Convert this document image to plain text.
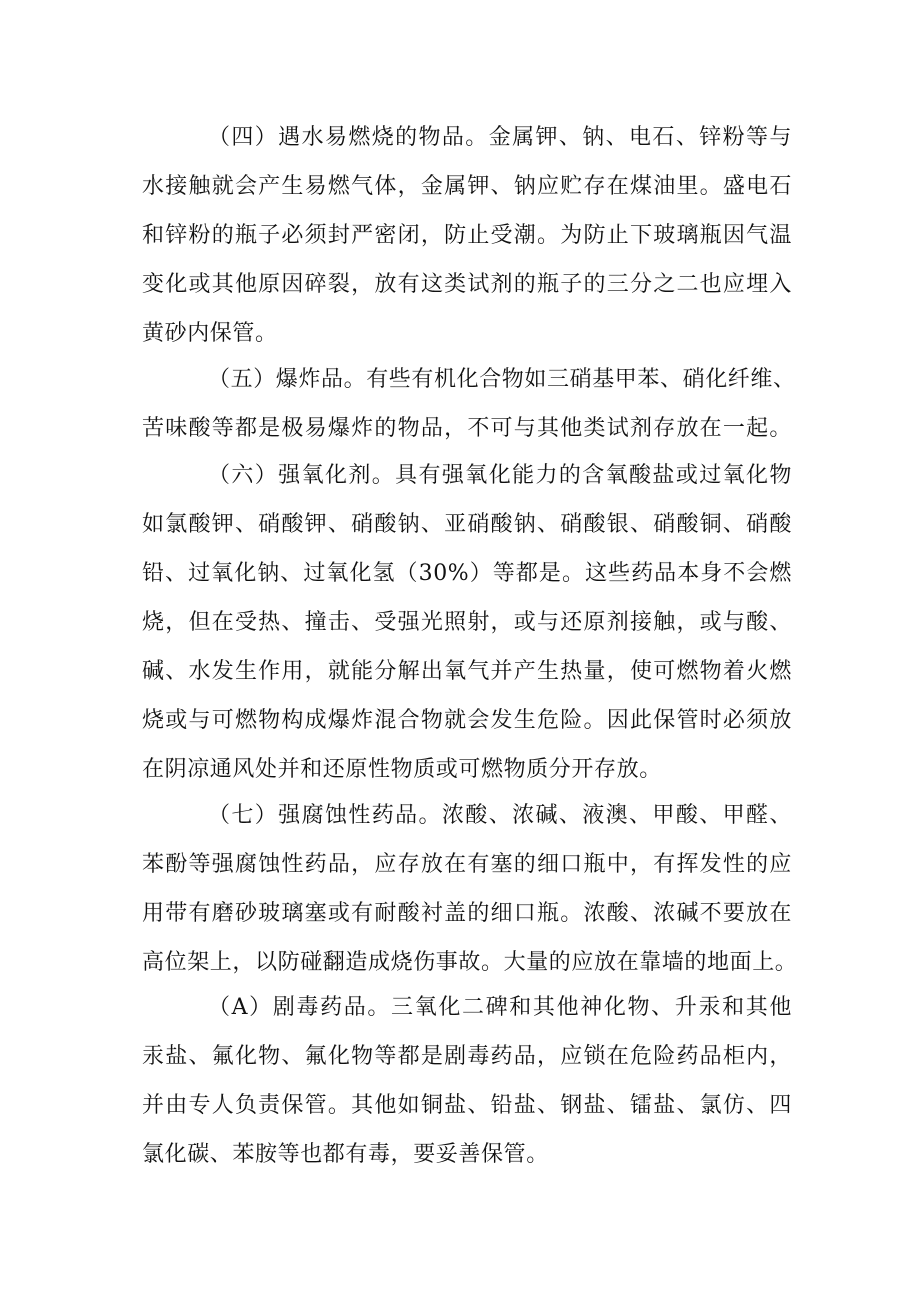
（四）遇水易燃烧的物品。金属钾、钠、电石、锌粉等与
水接触就会产生易燃气体，金属钾、钠应贮存在煤油里。盛电石
和锌粉的瓶子必须封严密闭，防止受潮。为防止下玻璃瓶因气温
变化或其他原因碎裂，放有这类试剂的瓶子的三分之二也应埋入
黄砂内保管。
（五）爆炸品。有些有机化合物如三硝基甲苯、硝化纤维、
苦味酸等都是极易爆炸的物品，不可与其他类试剂存放在一起。
（六）强氧化剂。具有强氧化能力的含氧酸盐或过氧化物
如氯酸钾、硝酸钾、硝酸钠、亚硝酸钠、硝酸银、硝酸铜、硝酸
铅、过氧化钠、过氧化氢（30%）等都是。这些药品本身不会燃
烧，但在受热、撞击、受强光照射，或与还原剂接触，或与酸、
碱、水发生作用，就能分解出氧气并产生热量，使可燃物着火燃
烧或与可燃物构成爆炸混合物就会发生危险。因此保管时必须放
在阴凉通风处并和还原性物质或可燃物质分开存放。
（七）强腐蚀性药品。浓酸、浓碱、液澳、甲酸、甲醛、
苯酚等强腐蚀性药品，应存放在有塞的细口瓶中，有挥发性的应
用带有磨砂玻璃塞或有耐酸衬盖的细口瓶。浓酸、浓碱不要放在
高位架上，以防碰翻造成烧伤事故。大量的应放在靠墙的地面上。
（A）剧毒药品。三氧化二碑和其他神化物、升汞和其他
汞盐、氟化物、氟化物等都是剧毒药品，应锁在危险药品柜内，
并由专人负责保管。其他如铜盐、铅盐、钢盐、镭盐、氯仿、四
氯化碳、苯胺等也都有毒，要妥善保管。
